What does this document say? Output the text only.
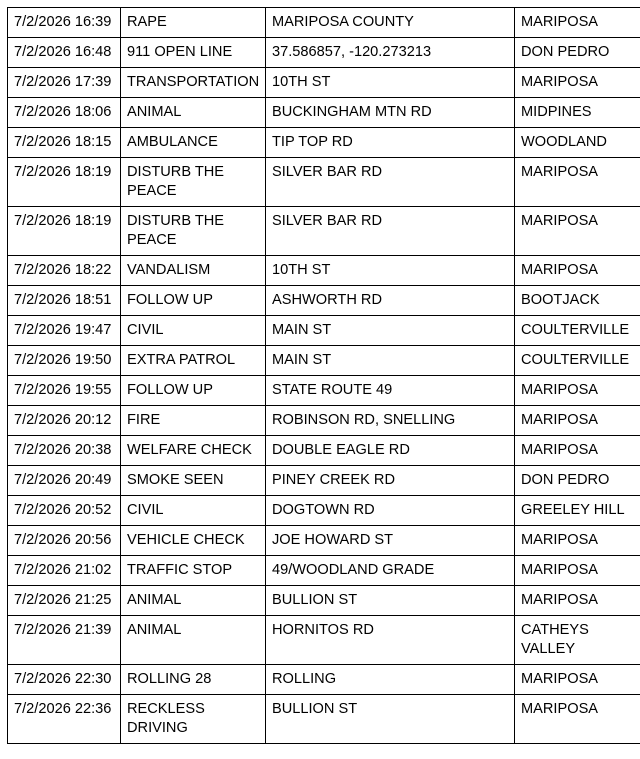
7/2/2026 16:39	RAPE	MARIPOSA COUNTY	MARIPOSA
7/2/2026 16:48	911 OPEN LINE	37.586857, -120.273213	DON PEDRO
7/2/2026 17:39	TRANSPORTATION	10TH ST	MARIPOSA
7/2/2026 18:06	ANIMAL	BUCKINGHAM MTN RD	MIDPINES
7/2/2026 18:15	AMBULANCE	TIP TOP RD	WOODLAND
7/2/2026 18:19	DISTURB THE PEACE	SILVER BAR RD	MARIPOSA
7/2/2026 18:19	DISTURB THE PEACE	SILVER BAR RD	MARIPOSA
7/2/2026 18:22	VANDALISM	10TH ST	MARIPOSA
7/2/2026 18:51	FOLLOW UP	ASHWORTH RD	BOOTJACK
7/2/2026 19:47	CIVIL	MAIN ST	COULTERVILLE
7/2/2026 19:50	EXTRA PATROL	MAIN ST	COULTERVILLE
7/2/2026 19:55	FOLLOW UP	STATE ROUTE 49	MARIPOSA
7/2/2026 20:12	FIRE	ROBINSON RD, SNELLING	MARIPOSA
7/2/2026 20:38	WELFARE CHECK	DOUBLE EAGLE RD	MARIPOSA
7/2/2026 20:49	SMOKE SEEN	PINEY CREEK RD	DON PEDRO
7/2/2026 20:52	CIVIL	DOGTOWN RD	GREELEY HILL
7/2/2026 20:56	VEHICLE CHECK	JOE HOWARD ST	MARIPOSA
7/2/2026 21:02	TRAFFIC STOP	49/WOODLAND GRADE	MARIPOSA
7/2/2026 21:25	ANIMAL	BULLION ST	MARIPOSA
7/2/2026 21:39	ANIMAL	HORNITOS RD	CATHEYS VALLEY
7/2/2026 22:30	ROLLING 28	ROLLING	MARIPOSA
7/2/2026 22:36	RECKLESS DRIVING	BULLION ST	MARIPOSA
